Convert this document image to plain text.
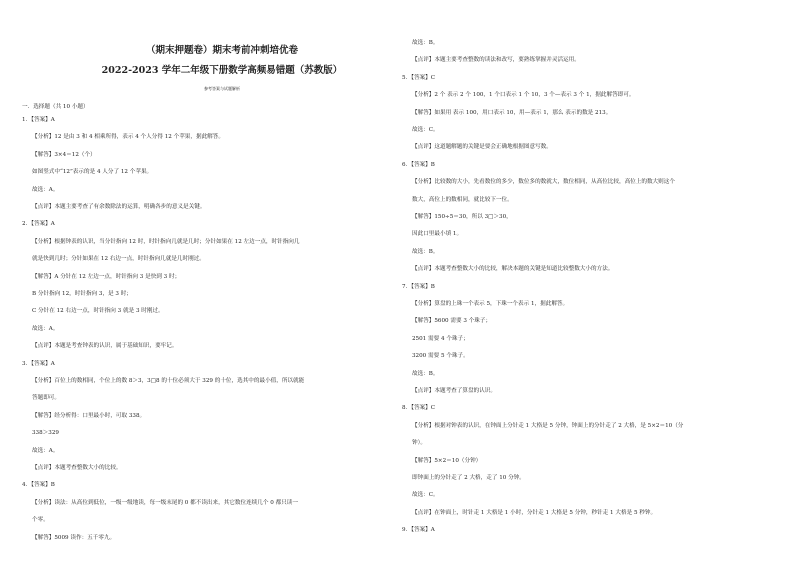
（期末押题卷）期末考前冲刺培优卷
2022-2023 学年二年级下册数学高频易错题（苏教版）
参考答案与试题解析
一．选择题（共 10 小题）
1．【答案】A
【分析】12 是由 3 和 4 相乘所得，表示 4 个人分得 12 个苹果，据此解答。
【解答】3×4＝12（个）
如图竖式中“12”表示的是 4 人分了 12 个苹果。
故选：A。
【点评】本题主要考查了有余数除法的运算，明确各步的意义是关键。
2．【答案】A
【分析】根据钟表的认识，当分针指向 12 时，时针指向几就是几时；分针如果在 12 左边一点，时针指向几
就是快到几时；分针如果在 12 右边一点，时针指向几就是几时刚过。
【解答】A 分针在 12 左边一点，时针指向 3 是快到 3 时；
B 分针指向 12，时针指向 3，是 3 时；
C 分针在 12 右边一点，时针指向 3 就是 3 时刚过。
故选：A。
【点评】本题是考查钟表的认识，属于基础知识，要牢记。
3．【答案】A
【分析】百位上的数相同，个位上的数 8＞3，3□8 的十位必须大于 329 的十位，选其中的最小值，所以就能
答题即可。
【解答】经分析得：口里最小时，可取 338。
338＞329
故选：A。
【点评】本题考查整数大小的比较。
4．【答案】B
【分析】读法：从高位到低位，一级一级地读，每一级末尾的 0 都不读出来，其它数位连续几个 0 都只读一
个零。
【解答】5009 读作：五千零九。
故选：B。
【点评】本题主要考查整数的读法和改写，要熟练掌握并灵活运用。
5．【答案】C
【分析】2 个 表示 2 个 100，1 个口表示 1 个 10，3 个—表示 3 个 1，据此解答即可。
【解答】如果用 表示 100，用口表示 10，用—表示 1，那么 表示的数是 213。
故选：C。
【点评】这道题解题的关键是要会正确地根据图意写数。
6．【答案】B
【分析】比较数的大小，先看数位的多少，数位多的数就大，数位相同，从高位比较，高位上的数大则这个
数大，高位上的数相同，就比较下一位。
【解答】150÷5＝30，所以 3□＞30，
因此口里最小填 1。
故选：B。
【点评】本题考查整数大小的比较，解决本题的关键是知道比较整数大小的方法。
7．【答案】B
【分析】算盘的上珠一个表示 5，下珠一个表示 1，据此解答。
【解答】5600 需要 3 个珠子；
2501 需要 4 个珠子；
3200 需要 5 个珠子。
故选：B。
【点评】本题考查了算盘的认识。
8．【答案】C
【分析】根据对钟表的认识，在钟面上分针走 1 大格是 5 分钟，钟面上的分针走了 2 大格，是 5×2＝10（分
钟）。
【解答】5×2＝10（分钟）
即钟面上的分针走了 2 大格，走了 10 分钟。
故选：C。
【点评】在钟面上，时针走 1 大格是 1 小时，分针走 1 大格是 5 分钟，秒针走 1 大格是 5 秒钟。
9．【答案】A
